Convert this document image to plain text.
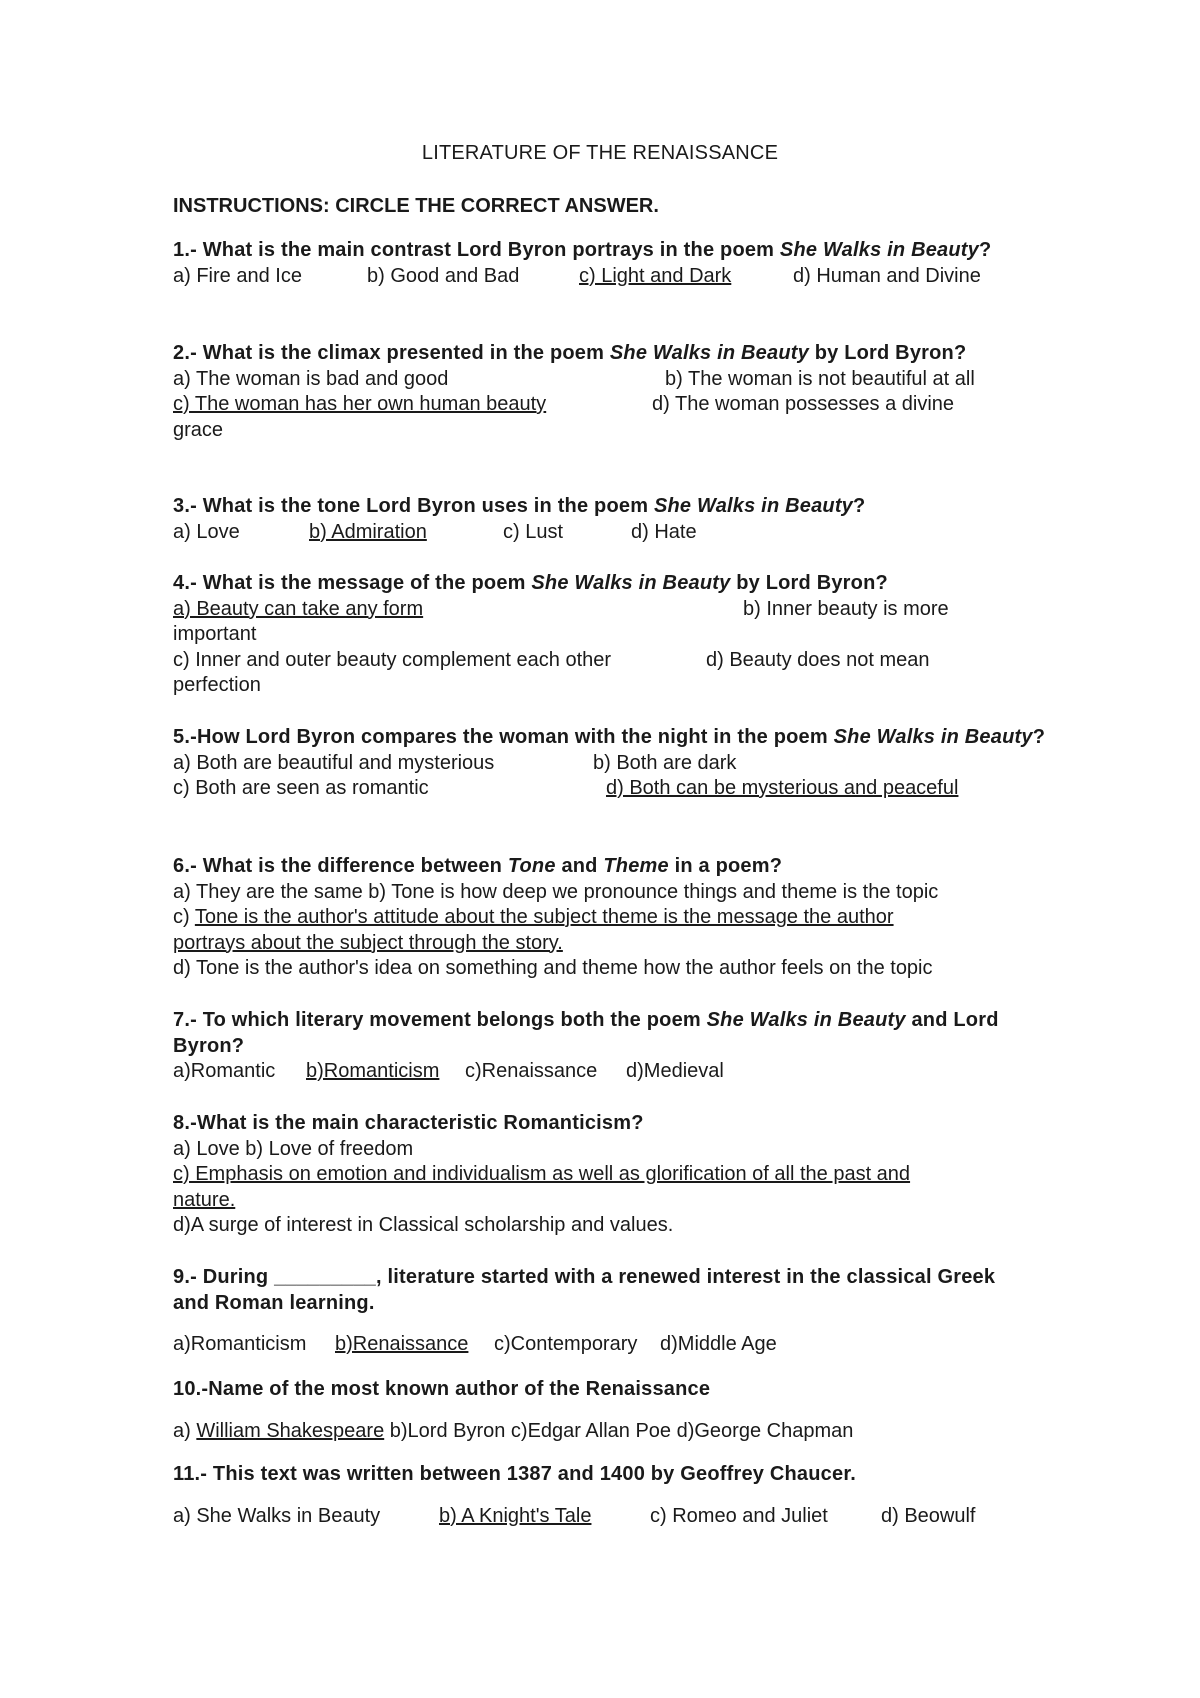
LITERATURE OF THE RENAISSANCE
INSTRUCTIONS: CIRCLE THE CORRECT ANSWER.
1.- What is the main contrast Lord Byron portrays in the poem She Walks in Beauty?
a) Fire and Ice	b) Good and Bad	c) Light and Dark	d) Human and Divine
2.- What is the climax presented in the poem She Walks in Beauty by Lord Byron?
a) The woman is bad and good	b) The woman is not beautiful at all
c) The woman has her own human beauty	d) The woman possesses a divine
grace
3.- What is the tone Lord Byron uses in the poem She Walks in Beauty?
a) Love	b) Admiration	c) Lust	d) Hate
4.- What is the message of the poem She Walks in Beauty by Lord Byron?
a) Beauty can take any form	b) Inner beauty is more
important
c) Inner and outer beauty complement each other	d) Beauty does not mean
perfection
5.-How Lord Byron compares the woman with the night in the poem She Walks in Beauty?
a) Both are beautiful and mysterious	b) Both are dark
c) Both are seen as romantic	d) Both can be mysterious and peaceful
6.- What is the difference between Tone and Theme in a poem?
a) They are the same b) Tone is how deep we pronounce things and theme is the topic
c) Tone is the author's attitude about the subject theme is the message the author
portrays about the subject through the story.
d) Tone is the author's idea on something and theme how the author feels on the topic
7.- To which literary movement belongs both the poem She Walks in Beauty and Lord Byron?
a)Romantic b)Romanticism c)Renaissance d)Medieval
8.-What is the main characteristic Romanticism?
a) Love b) Love of freedom
c) Emphasis on emotion and individualism as well as glorification of all the past and
nature.
d)A surge of interest in Classical scholarship and values.
9.- During _________, literature started with a renewed interest in the classical Greek and Roman learning.
a)Romanticism b)Renaissance c)Contemporary d)Middle Age
10.-Name of the most known author of the Renaissance
a) William Shakespeare b)Lord Byron c)Edgar Allan Poe d)George Chapman
11.- This text was written between 1387 and 1400 by Geoffrey Chaucer.
a) She Walks in Beauty	b) A Knight's Tale	c) Romeo and Juliet	d) Beowulf
